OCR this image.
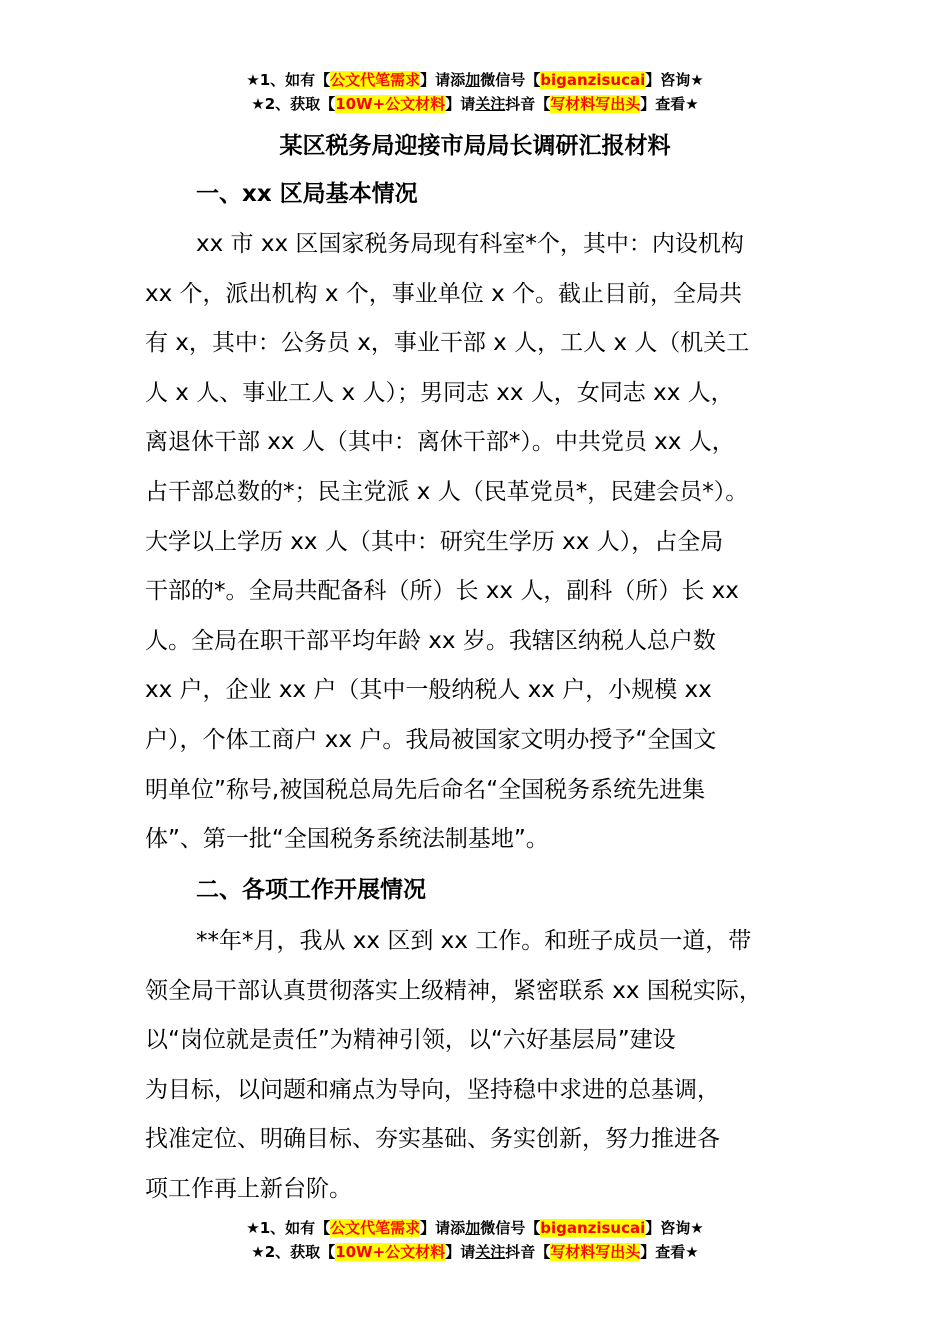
★1、如有【公文代笔需求】请添加微信号【biganzisucai】咨询★
★2、获取【10W+公文材料】请关注抖音【写材料写出头】查看★
某区税务局迎接市局局长调研汇报材料
一、xx 区局基本情况
xx 市 xx 区国家税务局现有科室*个，其中：内设机构
xx 个，派出机构 x 个，事业单位 x 个。截止目前，全局共
有 x，其中：公务员 x，事业干部 x 人，工人 x 人（机关工
人 x 人、事业工人 x 人）；男同志 xx 人，女同志 xx 人，
离退休干部 xx 人（其中：离休干部*）。中共党员 xx 人，
占干部总数的*；民主党派 x 人（民革党员*，民建会员*）。
大学以上学历 xx 人（其中：研究生学历 xx 人），占全局
干部的*。全局共配备科（所）长 xx 人，副科（所）长 xx
人。全局在职干部平均年龄 xx 岁。我辖区纳税人总户数
xx 户，企业 xx 户（其中一般纳税人 xx 户，小规模 xx
户），个体工商户 xx 户。我局被国家文明办授予“全国文
明单位”称号,被国税总局先后命名“全国税务系统先进集
体”、第一批“全国税务系统法制基地”。
二、各项工作开展情况
**年*月，我从 xx 区到 xx 工作。和班子成员一道，带
领全局干部认真贯彻落实上级精神，紧密联系 xx 国税实际，
以“岗位就是责任”为精神引领，以“六好基层局”建设
为目标，以问题和痛点为导向，坚持稳中求进的总基调，
找准定位、明确目标、夯实基础、务实创新，努力推进各
项工作再上新台阶。
★1、如有【公文代笔需求】请添加微信号【biganzisucai】咨询★
★2、获取【10W+公文材料】请关注抖音【写材料写出头】查看★
